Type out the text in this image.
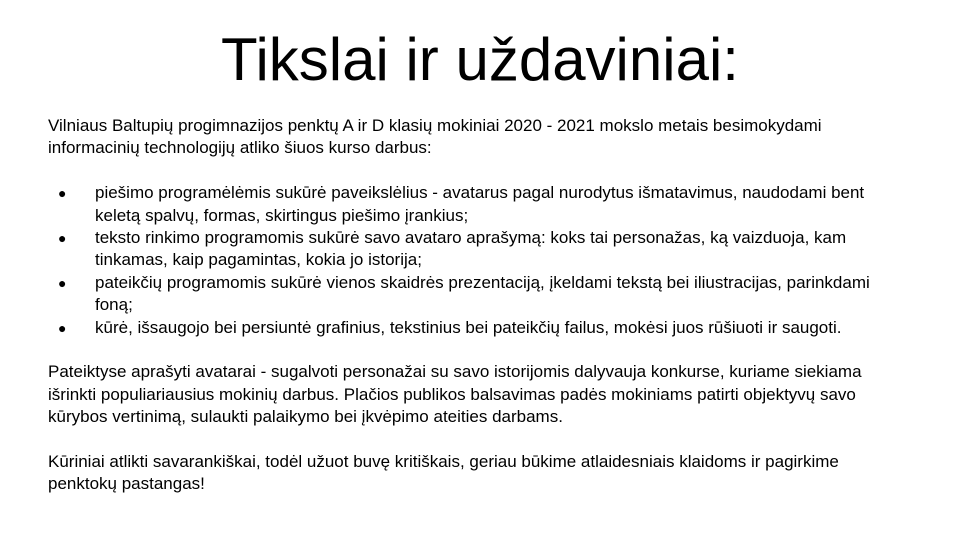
Tikslai ir uždaviniai:

Vilniaus Baltupių progimnazijos penktų A ir D klasių mokiniai 2020 - 2021 mokslo metais besimokydami informacinių technologijų atliko šiuos kurso darbus:

● piešimo programėlėmis sukūrė paveikslėlius - avatarus pagal nurodytus išmatavimus, naudodami bent keletą spalvų, formas, skirtingus piešimo įrankius;
● teksto rinkimo programomis sukūrė savo avataro aprašymą: koks tai personažas, ką vaizduoja, kam tinkamas, kaip pagamintas, kokia jo istorija;
● pateikčių programomis sukūrė vienos skaidrės prezentaciją, įkeldami tekstą bei iliustracijas, parinkdami foną;
● kūrė, išsaugojo bei persiuntė grafinius, tekstinius bei pateikčių failus, mokėsi juos rūšiuoti ir saugoti.

Pateiktyse aprašyti avatarai - sugalvoti personažai su savo istorijomis dalyvauja konkurse, kuriame siekiama išrinkti populiariausius mokinių darbus. Plačios publikos balsavimas padės mokiniams patirti objektyvų savo kūrybos vertinimą, sulaukti palaikymo bei įkvėpimo ateities darbams.

Kūriniai atlikti savarankiškai, todėl užuot buvę kritiškais, geriau būkime atlaidesniais klaidoms ir pagirkime penktokų pastangas!
